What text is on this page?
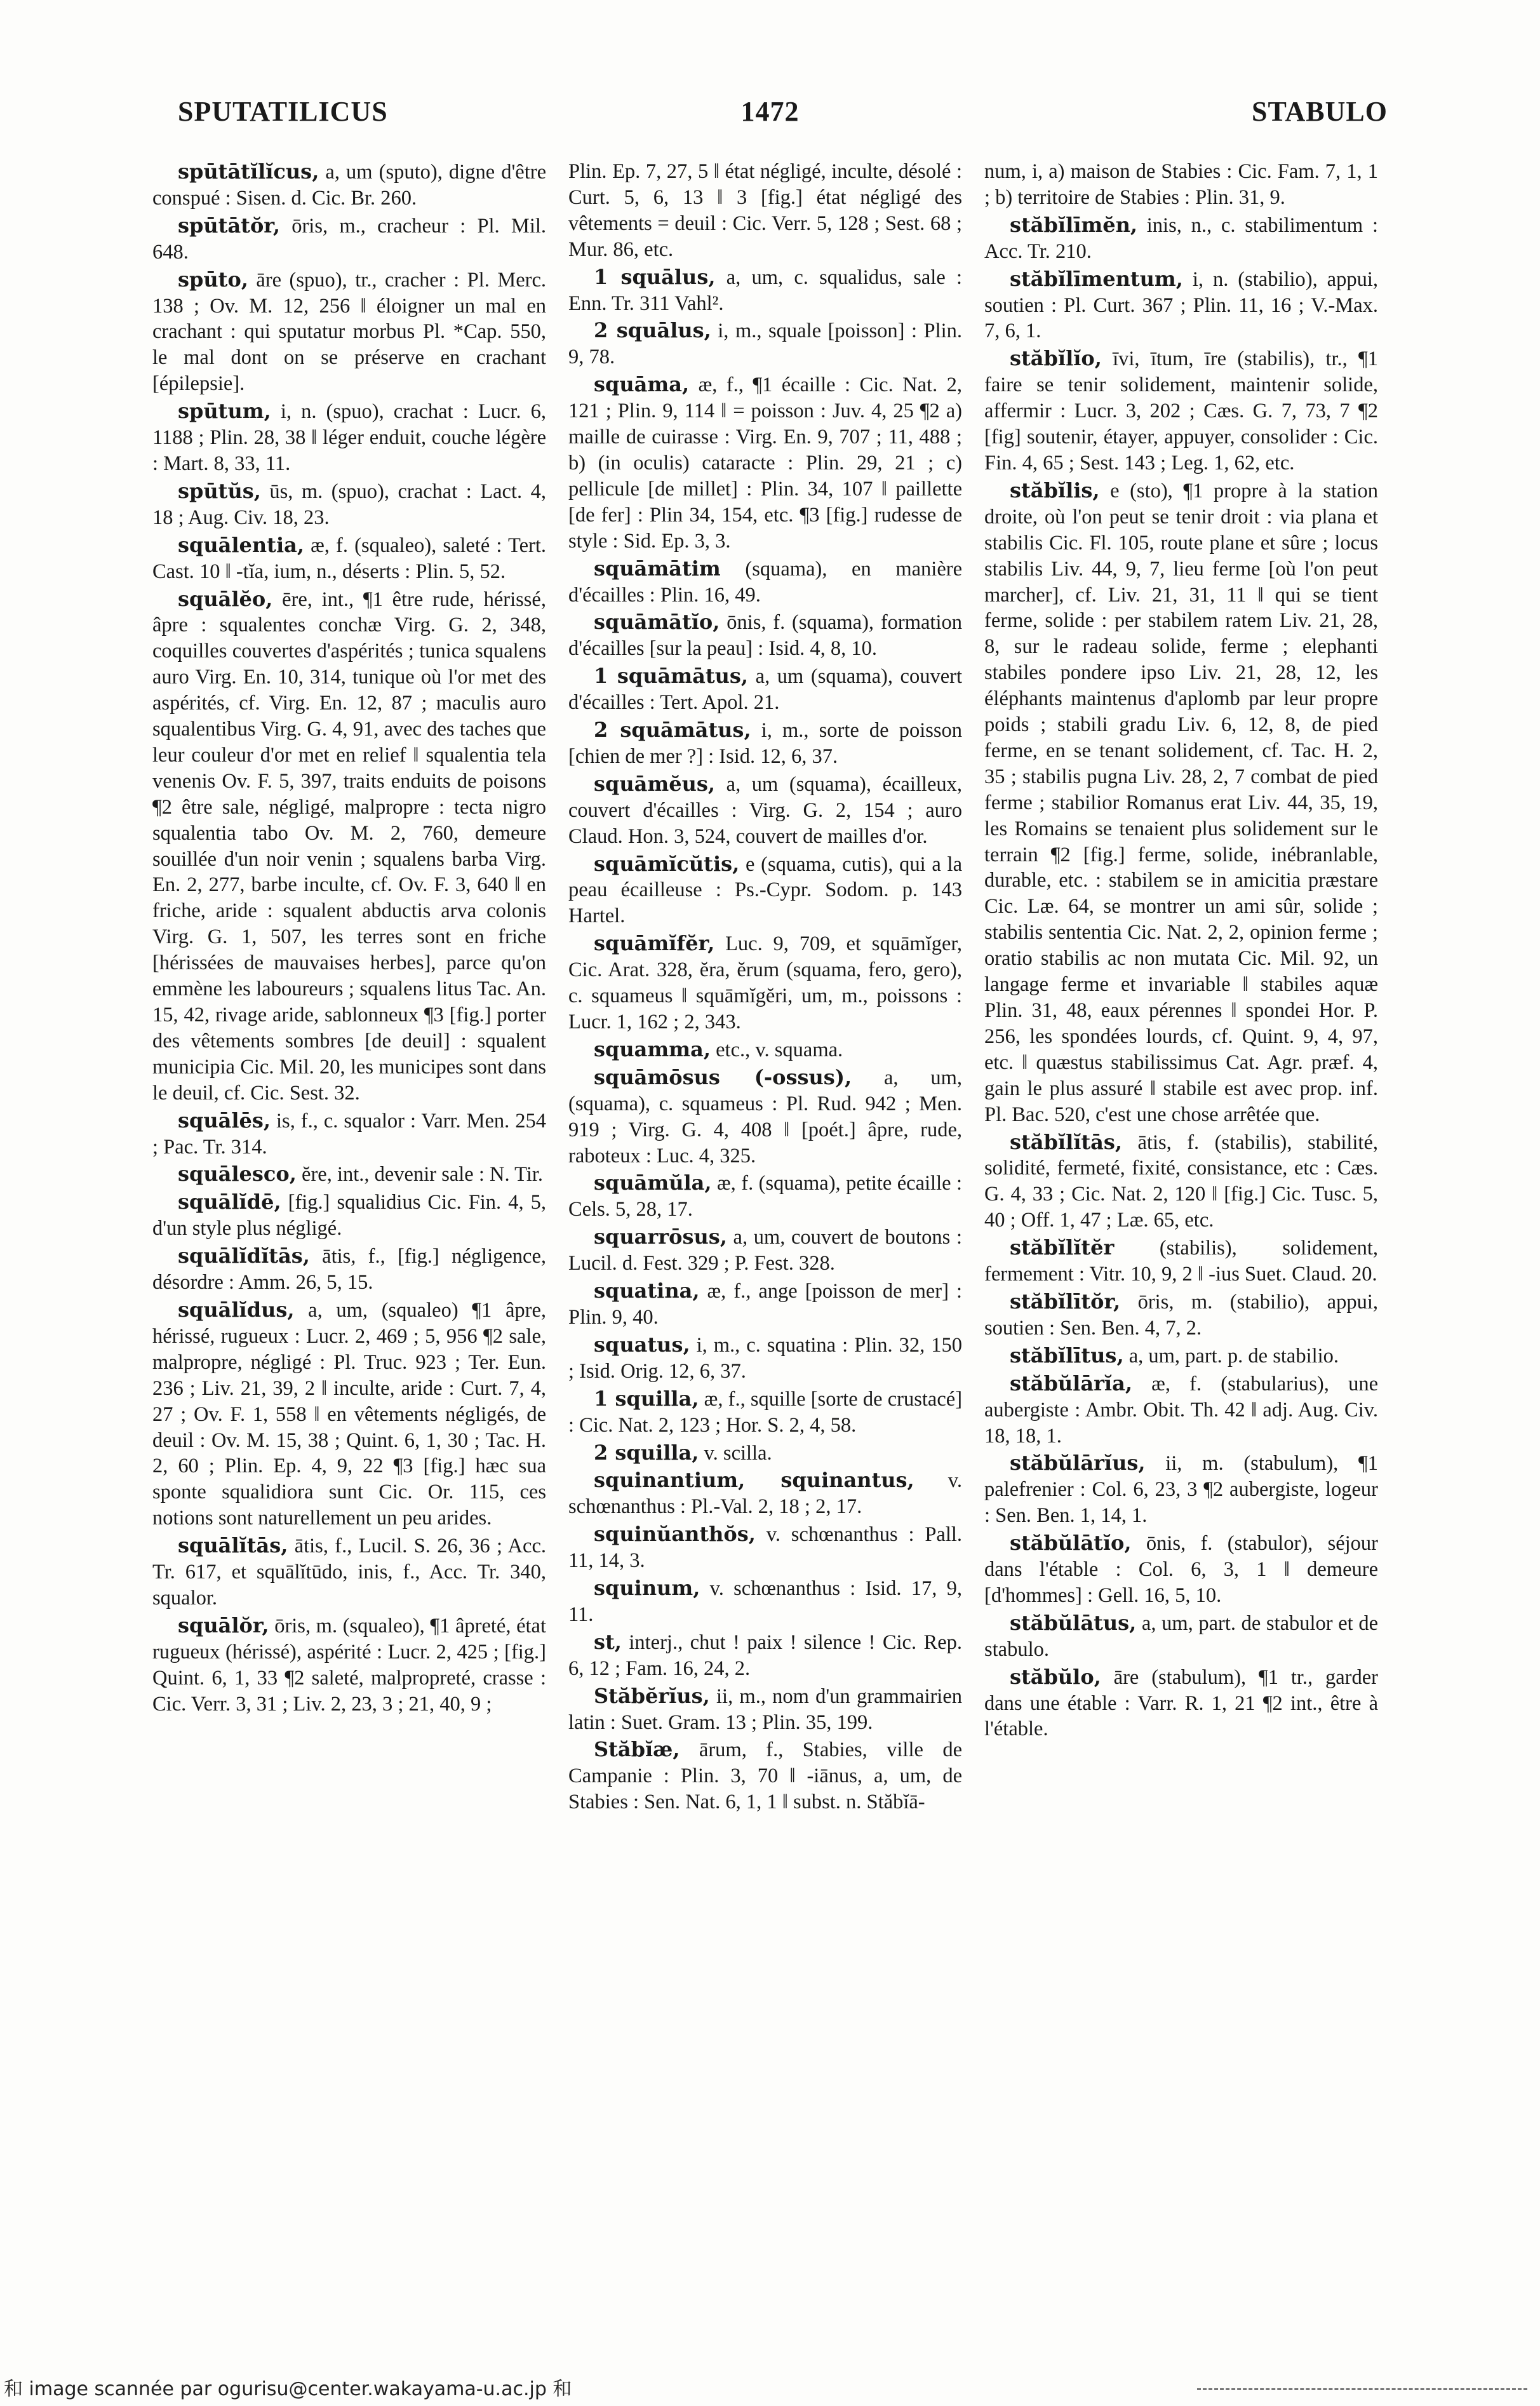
SPUTATILICUS	1472	STABULO

spūtātĭlĭcus, a, um (sputo), digne d'être conspué : Sisen. d. Cic. Br. 260.

spūtātŏr, ōris, m., cracheur : Pl. Mil. 648.

spūto, āre (spuo), tr., cracher : Pl. Merc. 138 ; Ov. M. 12, 256 ‖ éloigner un mal en crachant : qui sputatur morbus Pl. *Cap. 550, le mal dont on se préserve en crachant [épilepsie].

spūtum, i, n. (spuo), crachat : Lucr. 6, 1188 ; Plin. 28, 38 ‖ léger enduit, couche légère : Mart. 8, 33, 11.

spūtŭs, ūs, m. (spuo), crachat : Lact. 4, 18 ; Aug. Civ. 18, 23.

squālentia, æ, f. (squaleo), saleté : Tert. Cast. 10 ‖ -tĭa, ium, n., déserts : Plin. 5, 52.

squālĕo, ēre, int., ¶1 être rude, hérissé, âpre : squalentes conchæ Virg. G. 2, 348, coquilles couvertes d'aspérités ; tunica squalens auro Virg. En. 10, 314, tunique où l'or met des aspérités, cf. Virg. En. 12, 87 ; maculis auro squalentibus Virg. G. 4, 91, avec des taches que leur couleur d'or met en relief ‖ squalentia tela venenis Ov. F. 5, 397, traits enduits de poisons ¶2 être sale, négligé, malpropre : tecta nigro squalentia tabo Ov. M. 2, 760, demeure souillée d'un noir venin ; squalens barba Virg. En. 2, 277, barbe inculte, cf. Ov. F. 3, 640 ‖ en friche, aride : squalent abductis arva colonis Virg. G. 1, 507, les terres sont en friche [hérissées de mauvaises herbes], parce qu'on emmène les laboureurs ; squalens litus Tac. An. 15, 42, rivage aride, sablonneux ¶3 [fig.] porter des vêtements sombres [de deuil] : squalent municipia Cic. Mil. 20, les municipes sont dans le deuil, cf. Cic. Sest. 32.

squālēs, is, f., c. squalor : Varr. Men. 254 ; Pac. Tr. 314.

squālesco, ĕre, int., devenir sale : N. Tir.

squālĭdē, [fig.] squalidius Cic. Fin. 4, 5, d'un style plus négligé.

squālĭdĭtās, ātis, f., [fig.] négligence, désordre : Amm. 26, 5, 15.

squālĭdus, a, um, (squaleo) ¶1 âpre, hérissé, rugueux : Lucr. 2, 469 ; 5, 956 ¶2 sale, malpropre, négligé : Pl. Truc. 923 ; Ter. Eun. 236 ; Liv. 21, 39, 2 ‖ inculte, aride : Curt. 7, 4, 27 ; Ov. F. 1, 558 ‖ en vêtements négligés, de deuil : Ov. M. 15, 38 ; Quint. 6, 1, 30 ; Tac. H. 2, 60 ; Plin. Ep. 4, 9, 22 ¶3 [fig.] hæc sua sponte squalidiora sunt Cic. Or. 115, ces notions sont naturellement un peu arides.

squālĭtās, ātis, f., Lucil. S. 26, 36 ; Acc. Tr. 617, et squālĭtūdo, inis, f., Acc. Tr. 340, squalor.

squālŏr, ōris, m. (squaleo), ¶1 âpreté, état rugueux (hérissé), aspérité : Lucr. 2, 425 ; [fig.] Quint. 6, 1, 33 ¶2 saleté, malpropreté, crasse : Cic. Verr. 3, 31 ; Liv. 2, 23, 3 ; 21, 40, 9 ;

Plin. Ep. 7, 27, 5 ‖ état négligé, inculte, désolé : Curt. 5, 6, 13 ‖ 3 [fig.] état négligé des vêtements = deuil : Cic. Verr. 5, 128 ; Sest. 68 ; Mur. 86, etc.

1 squālus, a, um, c. squalidus, sale : Enn. Tr. 311 Vahl².

2 squālus, i, m., squale [poisson] : Plin. 9, 78.

squāma, æ, f., ¶1 écaille : Cic. Nat. 2, 121 ; Plin. 9, 114 ‖ = poisson : Juv. 4, 25 ¶2 a) maille de cuirasse : Virg. En. 9, 707 ; 11, 488 ; b) (in oculis) cataracte : Plin. 29, 21 ; c) pellicule [de millet] : Plin. 34, 107 ‖ paillette [de fer] : Plin 34, 154, etc. ¶3 [fig.] rudesse de style : Sid. Ep. 3, 3.

squāmātim (squama), en manière d'écailles : Plin. 16, 49.

squāmātĭo, ōnis, f. (squama), formation d'écailles [sur la peau] : Isid. 4, 8, 10.

1 squāmātus, a, um (squama), couvert d'écailles : Tert. Apol. 21.

2 squāmātus, i, m., sorte de poisson [chien de mer ?] : Isid. 12, 6, 37.

squāmĕus, a, um (squama), écailleux, couvert d'écailles : Virg. G. 2, 154 ; auro Claud. Hon. 3, 524, couvert de mailles d'or.

squāmĭcŭtis, e (squama, cutis), qui a la peau écailleuse : Ps.-Cypr. Sodom. p. 143 Hartel.

squāmĭfĕr, Luc. 9, 709, et squāmĭger, Cic. Arat. 328, ĕra, ĕrum (squama, fero, gero), c. squameus ‖ squāmĭgĕri, um, m., poissons : Lucr. 1, 162 ; 2, 343.

squamma, etc., v. squama.

squāmōsus (-ossus), a, um, (squama), c. squameus : Pl. Rud. 942 ; Men. 919 ; Virg. G. 4, 408 ‖ [poét.] âpre, rude, raboteux : Luc. 4, 325.

squāmŭla, æ, f. (squama), petite écaille : Cels. 5, 28, 17.

squarrōsus, a, um, couvert de boutons : Lucil. d. Fest. 329 ; P. Fest. 328.

squatina, æ, f., ange [poisson de mer] : Plin. 9, 40.

squatus, i, m., c. squatina : Plin. 32, 150 ; Isid. Orig. 12, 6, 37.

1 squilla, æ, f., squille [sorte de crustacé] : Cic. Nat. 2, 123 ; Hor. S. 2, 4, 58.

2 squilla, v. scilla.

squinantium, squinantus, v. schœnanthus : Pl.-Val. 2, 18 ; 2, 17.

squinŭanthŏs, v. schœnanthus : Pall. 11, 14, 3.

squinum, v. schœnanthus : Isid. 17, 9, 11.

st, interj., chut ! paix ! silence ! Cic. Rep. 6, 12 ; Fam. 16, 24, 2.

Stăbĕrĭus, ii, m., nom d'un grammairien latin : Suet. Gram. 13 ; Plin. 35, 199.

Stăbĭæ, ārum, f., Stabies, ville de Campanie : Plin. 3, 70 ‖ -iānus, a, um, de Stabies : Sen. Nat. 6, 1, 1 ‖ subst. n. Stăbĭā-

num, i, a) maison de Stabies : Cic. Fam. 7, 1, 1 ; b) territoire de Stabies : Plin. 31, 9.

stăbĭlīmĕn, inis, n., c. stabilimentum : Acc. Tr. 210.

stăbĭlīmentum, i, n. (stabilio), appui, soutien : Pl. Curt. 367 ; Plin. 11, 16 ; V.-Max. 7, 6, 1.

stăbĭlĭo, īvi, ītum, īre (stabilis), tr., ¶1 faire se tenir solidement, maintenir solide, affermir : Lucr. 3, 202 ; Cæs. G. 7, 73, 7 ¶2 [fig] soutenir, étayer, appuyer, consolider : Cic. Fin. 4, 65 ; Sest. 143 ; Leg. 1, 62, etc.

stăbĭlis, e (sto), ¶1 propre à la station droite, où l'on peut se tenir droit : via plana et stabilis Cic. Fl. 105, route plane et sûre ; locus stabilis Liv. 44, 9, 7, lieu ferme [où l'on peut marcher], cf. Liv. 21, 31, 11 ‖ qui se tient ferme, solide : per stabilem ratem Liv. 21, 28, 8, sur le radeau solide, ferme ; elephanti stabiles pondere ipso Liv. 21, 28, 12, les éléphants maintenus d'aplomb par leur propre poids ; stabili gradu Liv. 6, 12, 8, de pied ferme, en se tenant solidement, cf. Tac. H. 2, 35 ; stabilis pugna Liv. 28, 2, 7 combat de pied ferme ; stabilior Romanus erat Liv. 44, 35, 19, les Romains se tenaient plus solidement sur le terrain ¶2 [fig.] ferme, solide, inébranlable, durable, etc. : stabilem se in amicitia præstare Cic. Læ. 64, se montrer un ami sûr, solide ; stabilis sententia Cic. Nat. 2, 2, opinion ferme ; oratio stabilis ac non mutata Cic. Mil. 92, un langage ferme et invariable ‖ stabiles aquæ Plin. 31, 48, eaux pérennes ‖ spondei Hor. P. 256, les spondées lourds, cf. Quint. 9, 4, 97, etc. ‖ quæstus stabilissimus Cat. Agr. præf. 4, gain le plus assuré ‖ stabile est avec prop. inf. Pl. Bac. 520, c'est une chose arrêtée que.

stăbĭlĭtās, ātis, f. (stabilis), stabilité, solidité, fermeté, fixité, consistance, etc : Cæs. G. 4, 33 ; Cic. Nat. 2, 120 ‖ [fig.] Cic. Tusc. 5, 40 ; Off. 1, 47 ; Læ. 65, etc.

stăbĭlĭtĕr (stabilis), solidement, fermement : Vitr. 10, 9, 2 ‖ -ius Suet. Claud. 20.

stăbĭlītŏr, ōris, m. (stabilio), appui, soutien : Sen. Ben. 4, 7, 2.

stăbĭlītus, a, um, part. p. de stabilio.

stăbŭlārĭa, æ, f. (stabularius), une aubergiste : Ambr. Obit. Th. 42 ‖ adj. Aug. Civ. 18, 18, 1.

stăbŭlārĭus, ii, m. (stabulum), ¶1 palefrenier : Col. 6, 23, 3 ¶2 aubergiste, logeur : Sen. Ben. 1, 14, 1.

stăbŭlātĭo, ōnis, f. (stabulor), séjour dans l'étable : Col. 6, 3, 1 ‖ demeure [d'hommes] : Gell. 16, 5, 10.

stăbŭlātus, a, um, part. de stabulor et de stabulo.

stăbŭlo, āre (stabulum), ¶1 tr., garder dans une étable : Varr. R. 1, 21 ¶2 int., être à l'étable.

和 image scannée par ogurisu@center.wakayama-u.ac.jp 和
